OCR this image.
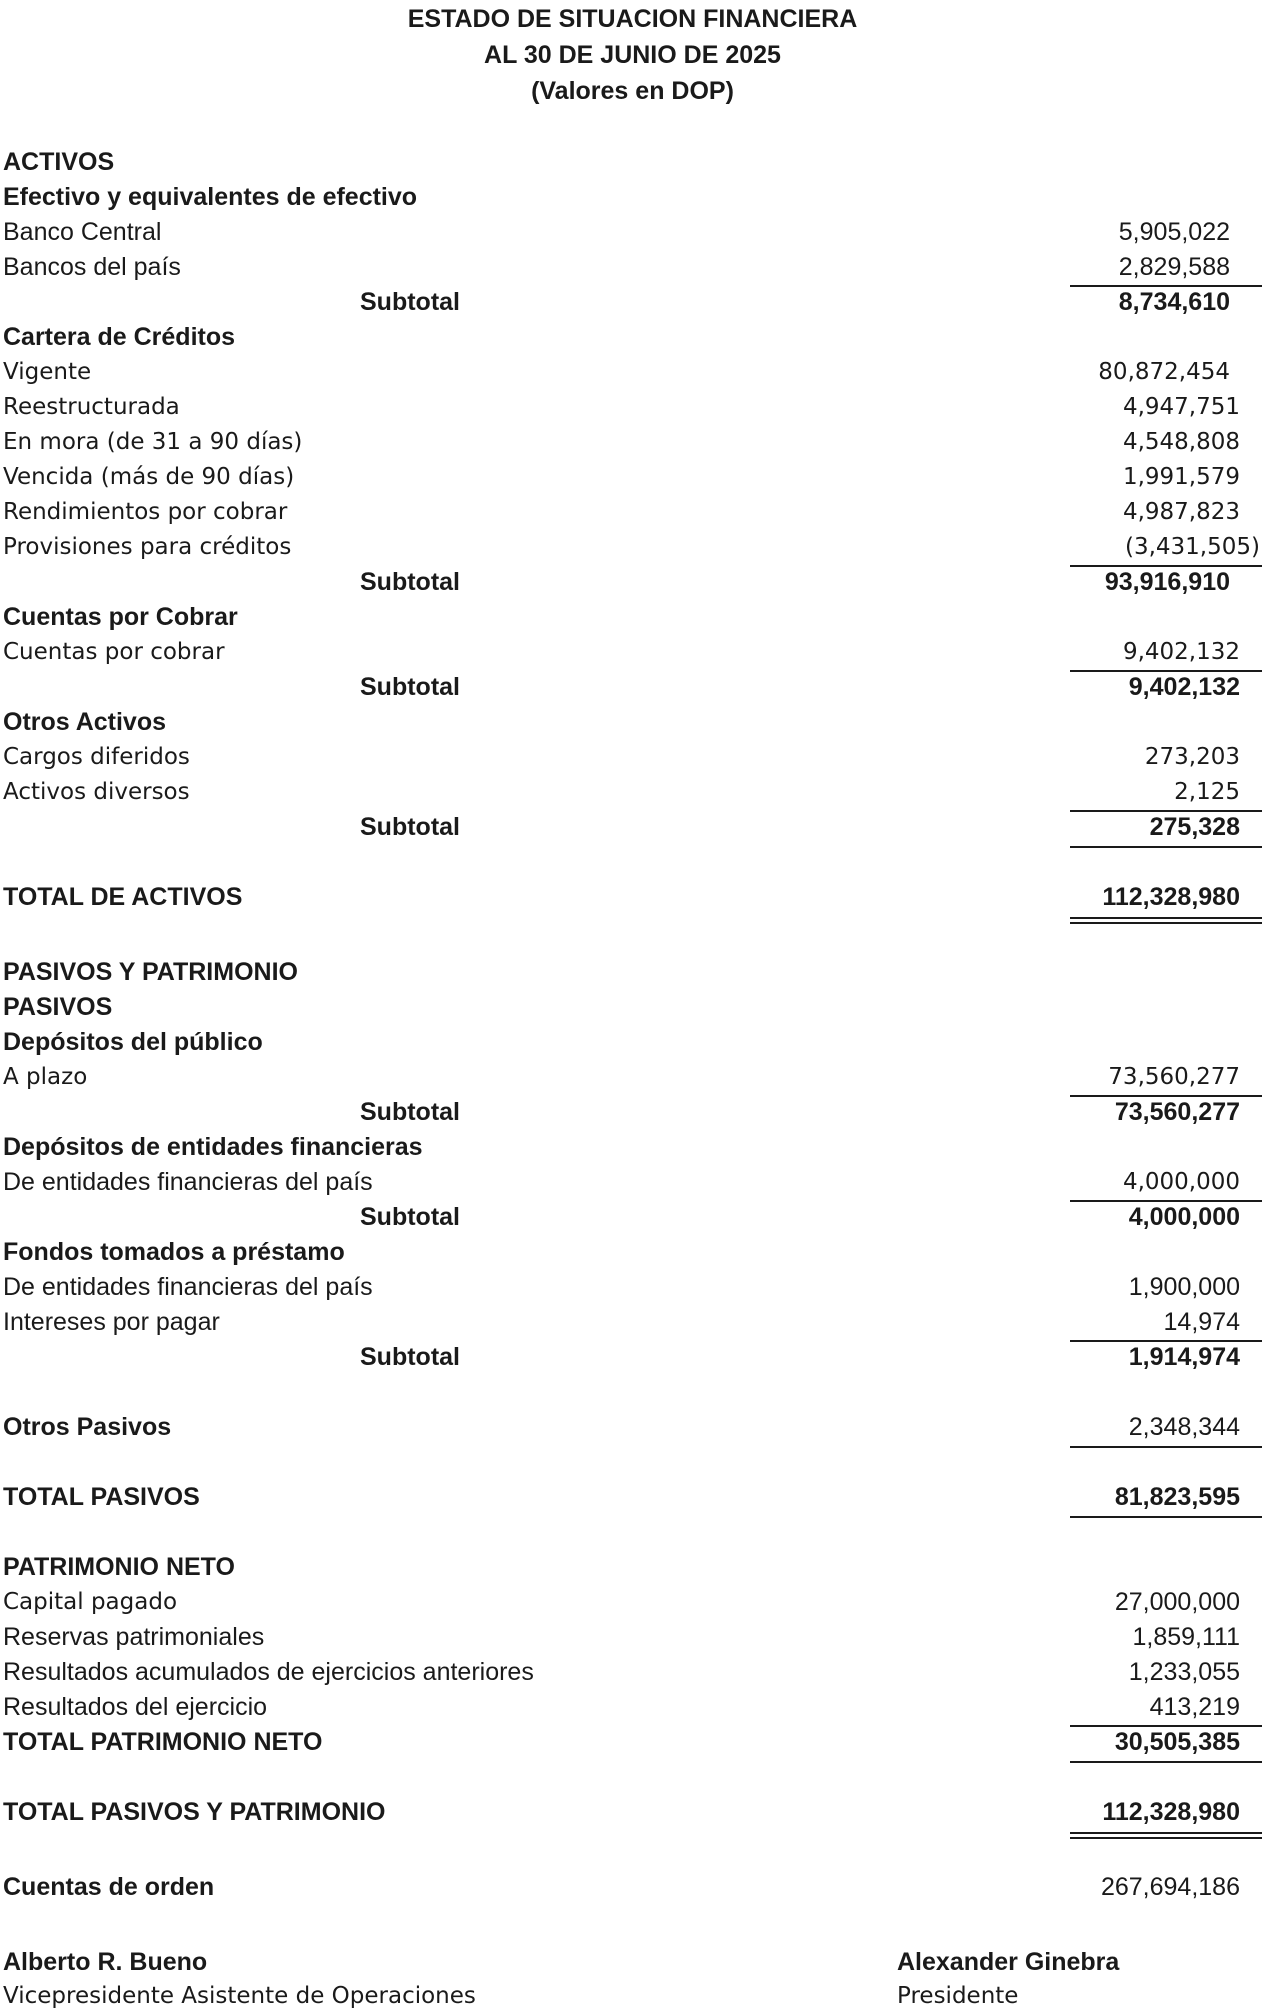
ESTADO DE SITUACION FINANCIERA
AL 30 DE JUNIO DE 2025
(Valores en DOP)
ACTIVOS
Efectivo y equivalentes de efectivo
Banco Central	5,905,022
Bancos del país	2,829,588
Subtotal	8,734,610
Cartera de Créditos
Vigente	80,872,454
Reestructurada	4,947,751
En mora (de 31 a 90 días)	4,548,808
Vencida (más de 90 días)	1,991,579
Rendimientos por cobrar	4,987,823
Provisiones para créditos	(3,431,505)
Subtotal	93,916,910
Cuentas por Cobrar
Cuentas por cobrar	9,402,132
Subtotal	9,402,132
Otros Activos
Cargos diferidos	273,203
Activos diversos	2,125
Subtotal	275,328
TOTAL DE ACTIVOS	112,328,980
PASIVOS Y PATRIMONIO
PASIVOS
Depósitos del público
A plazo	73,560,277
Subtotal	73,560,277
Depósitos de entidades financieras
De entidades financieras del país	4,000,000
Subtotal	4,000,000
Fondos tomados a préstamo
De entidades financieras del país	1,900,000
Intereses por pagar	14,974
Subtotal	1,914,974
Otros Pasivos	2,348,344
TOTAL PASIVOS	81,823,595
PATRIMONIO NETO
Capital pagado	27,000,000
Reservas patrimoniales	1,859,111
Resultados acumulados de ejercicios anteriores	1,233,055
Resultados del ejercicio	413,219
TOTAL PATRIMONIO NETO	30,505,385
TOTAL PASIVOS Y PATRIMONIO	112,328,980
Cuentas de orden	267,694,186
Alberto R. Bueno
Vicepresidente Asistente de Operaciones
Alexander Ginebra
Presidente
